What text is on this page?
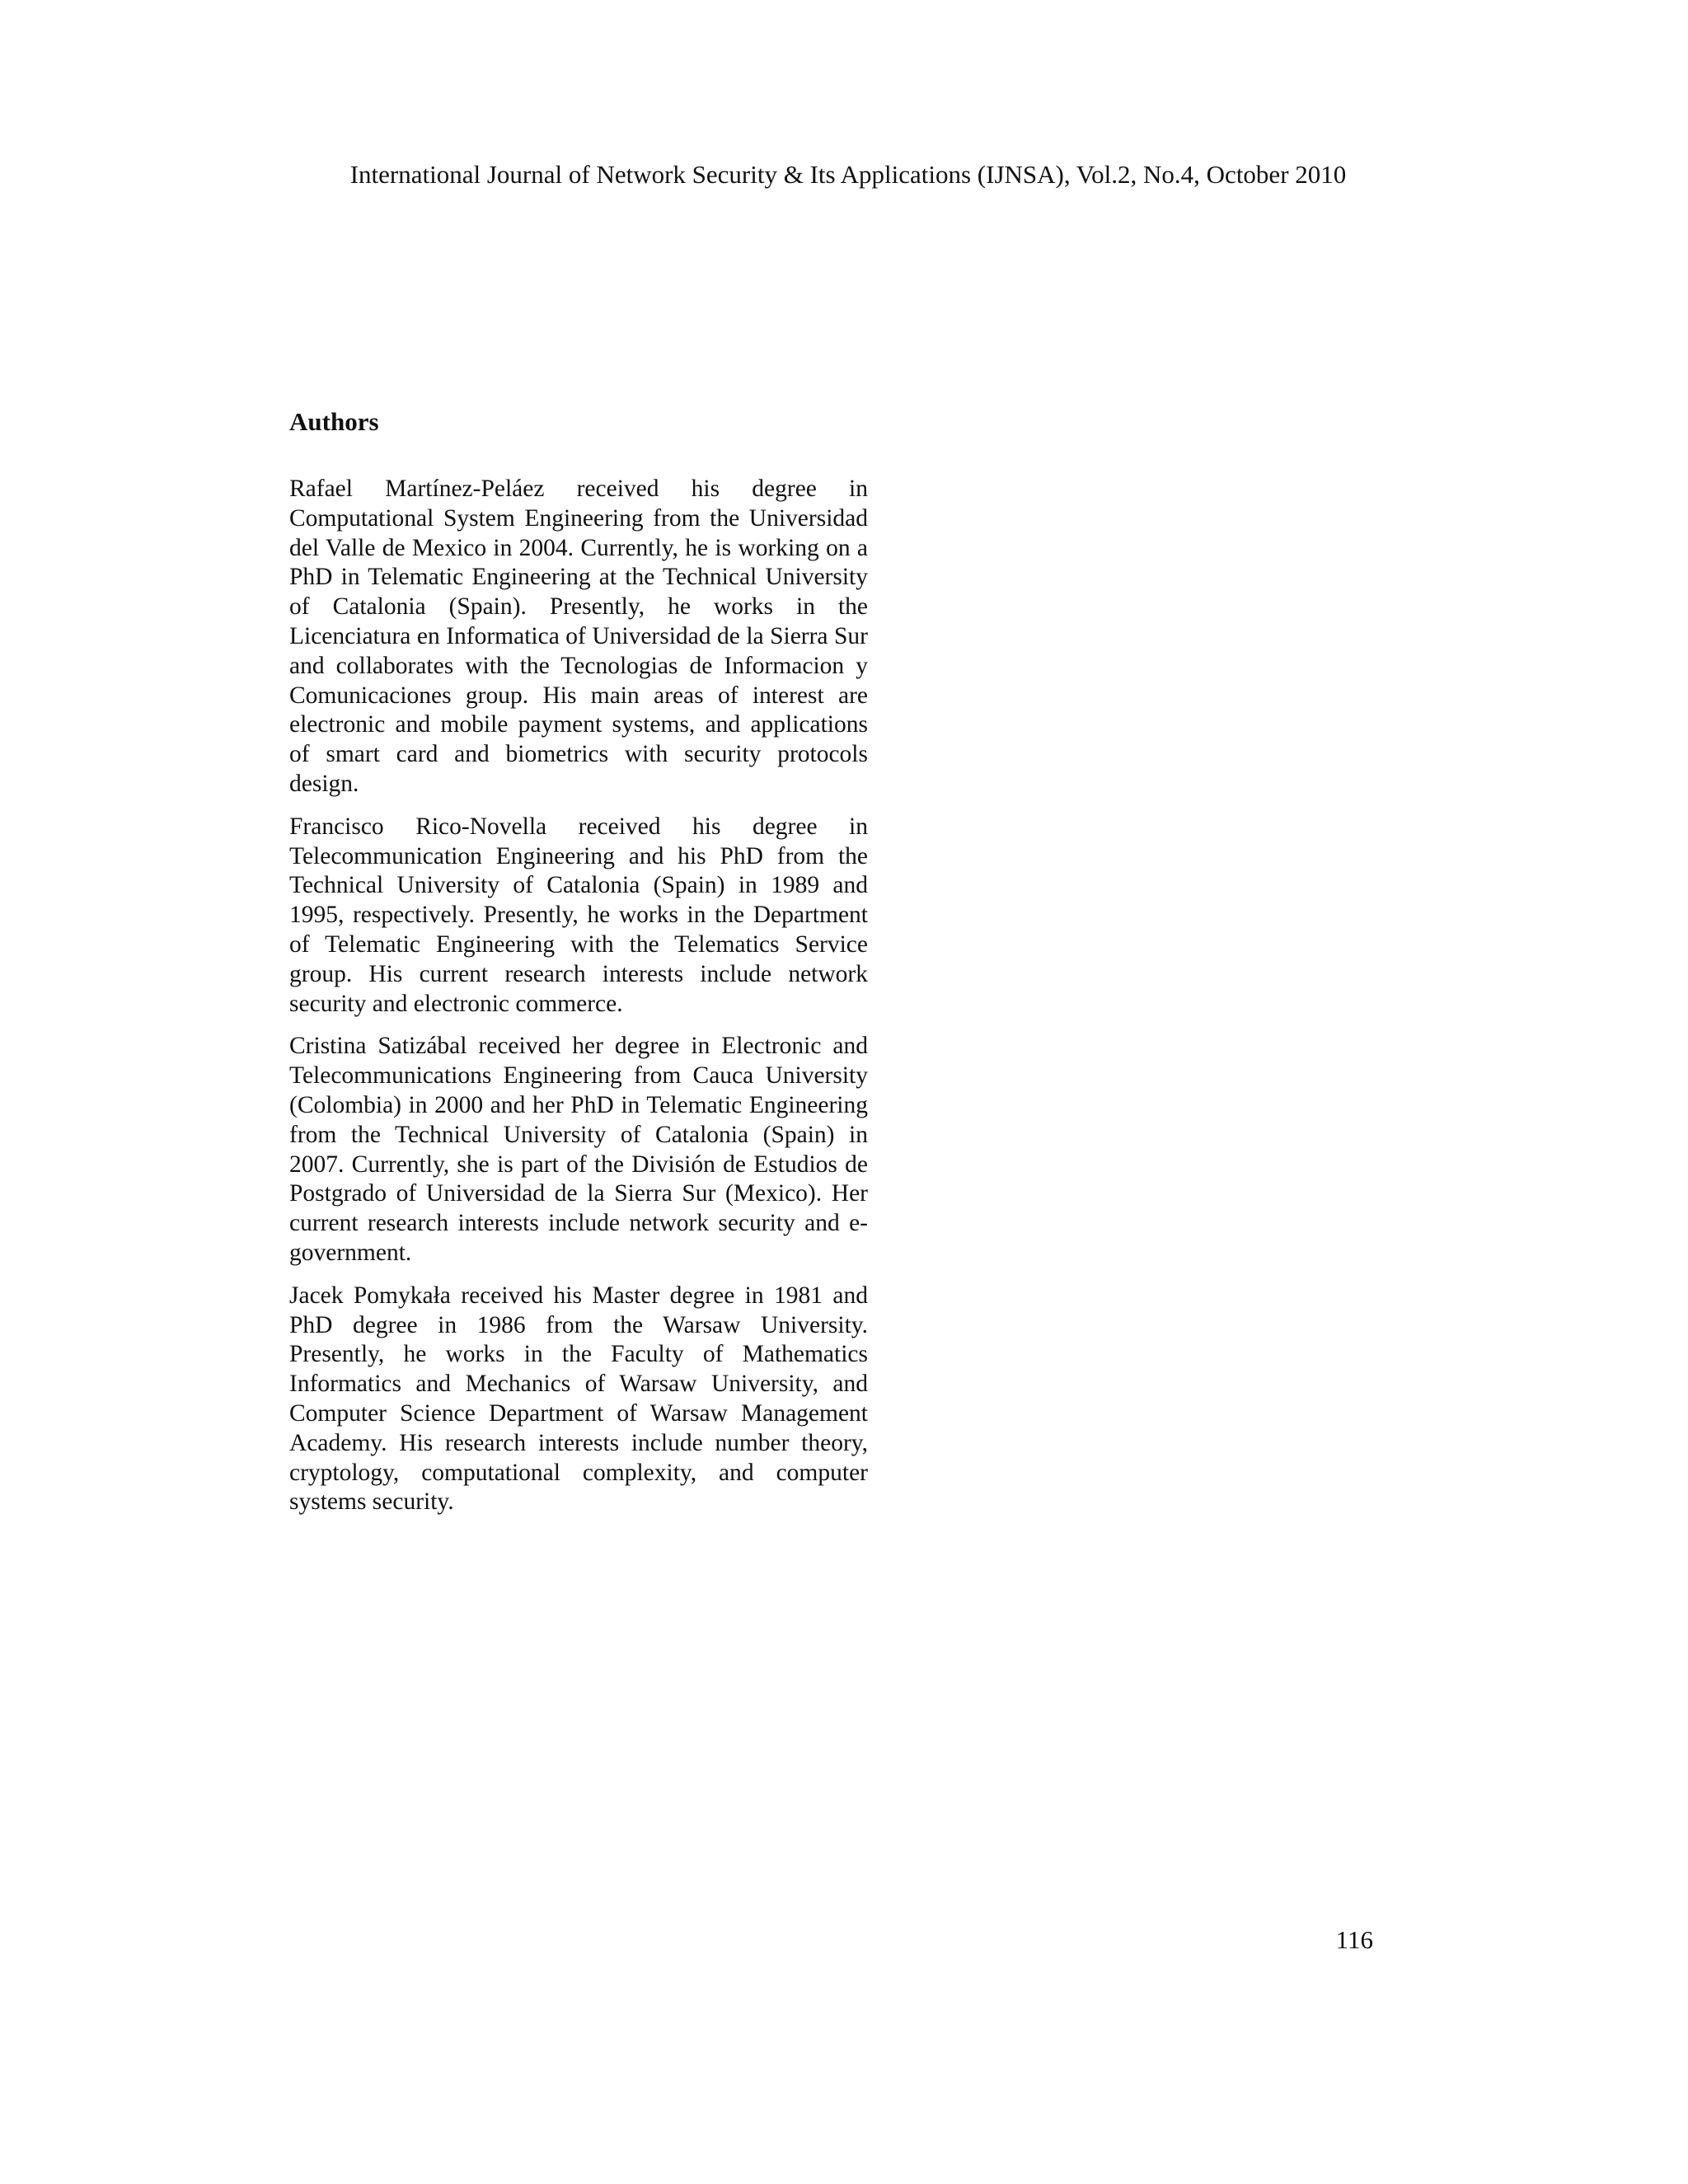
International Journal of Network Security & Its Applications (IJNSA), Vol.2, No.4, October 2010
Authors

Rafael Martínez-Peláez received his degree in Computational System Engineering from the Universidad del Valle de Mexico in 2004. Currently, he is working on a PhD in Telematic Engineering at the Technical University of Catalonia (Spain). Presently, he works in the Licenciatura en Informatica of Universidad de la Sierra Sur and collaborates with the Tecnologias de Informacion y Comunicaciones group. His main areas of interest are electronic and mobile payment systems, and applications of smart card and biometrics with security protocols design.

Francisco Rico-Novella received his degree in Telecommunication Engineering and his PhD from the Technical University of Catalonia (Spain) in 1989 and 1995, respectively. Presently, he works in the Department of Telematic Engineering with the Telematics Service group. His current research interests include network security and electronic commerce.

Cristina Satizábal received her degree in Electronic and Telecommunications Engineering from Cauca University (Colombia) in 2000 and her PhD in Telematic Engineering from the Technical University of Catalonia (Spain) in 2007. Currently, she is part of the División de Estudios de Postgrado of Universidad de la Sierra Sur (Mexico). Her current research interests include network security and e-government.

Jacek Pomykała received his Master degree in 1981 and PhD degree in 1986 from the Warsaw University. Presently, he works in the Faculty of Mathematics Informatics and Mechanics of Warsaw University, and Computer Science Department of Warsaw Management Academy. His research interests include number theory, cryptology, computational complexity, and computer systems security.

116
